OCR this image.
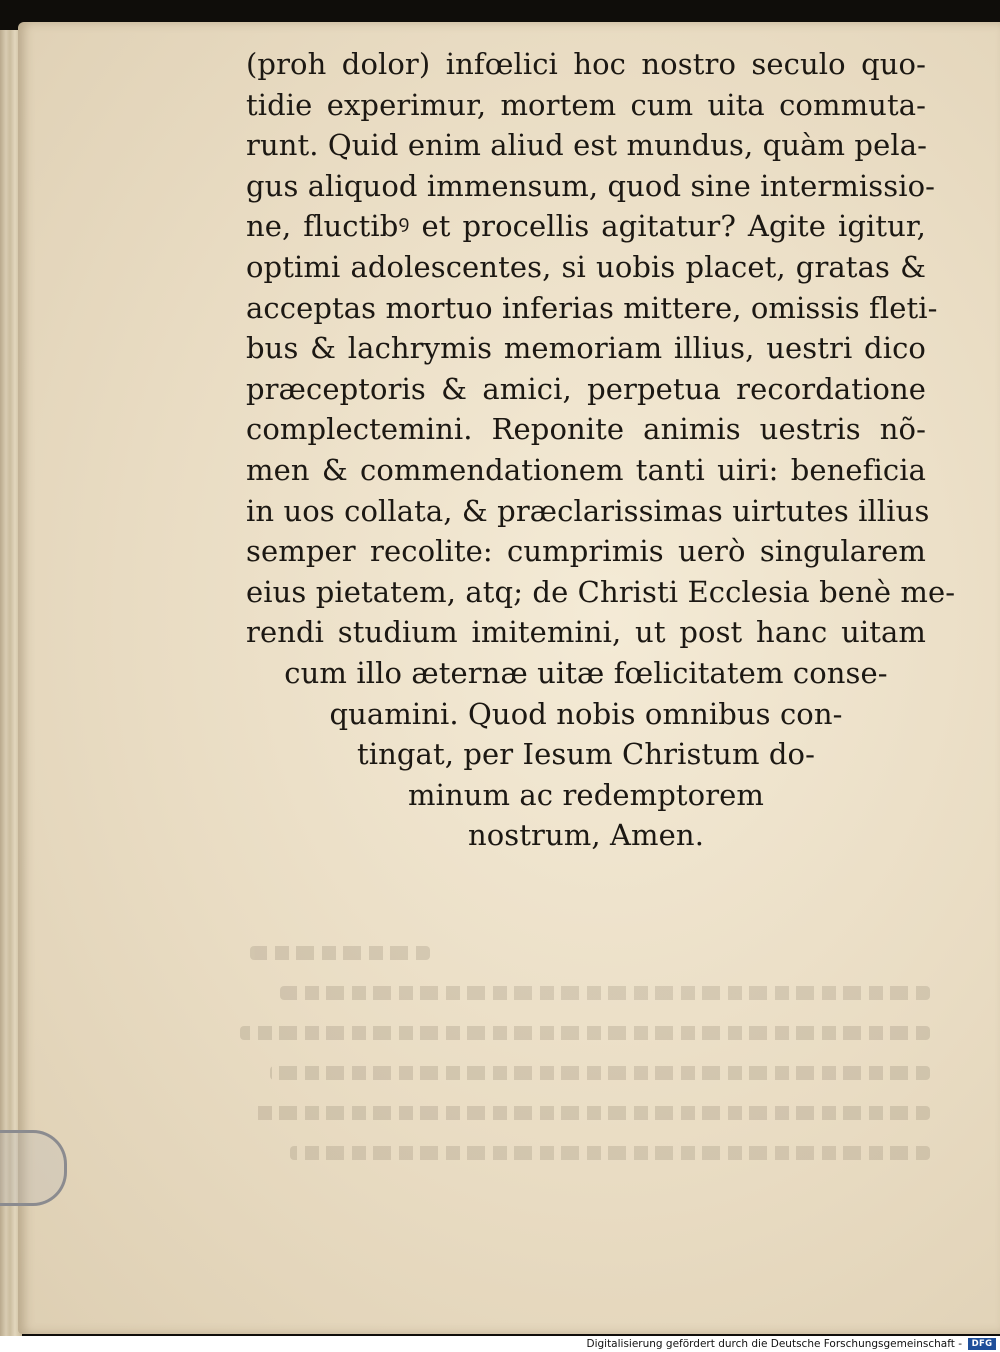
(proh dolor) infœlici hoc nostro seculo quo-
tidie experimur, mortem cum uita commuta-
runt. Quid enim aliud est mundus, quàm pela-
gus aliquod immensum, quod sine intermissio-
ne, fluctibꝰ et procellis agitatur? Agite igitur,
optimi adolescentes, si uobis placet, gratas &
acceptas mortuo inferias mittere, omissis fleti-
bus & lachrymis memoriam illius, uestri dico
præceptoris & amici, perpetua recordatione
complectemini. Reponite animis uestris nõ-
men & commendationem tanti uiri: beneficia
in uos collata, & præclarissimas uirtutes illius
semper recolite: cumprimis uerò singularem
eius pietatem, atq; de Christi Ecclesia benè me-
rendi studium imitemini, ut post hanc uitam
cum illo æternæ uitæ fœlicitatem conse-
quamini. Quod nobis omnibus con-
tingat, per Iesum Christum do-
minum ac redemptorem
nostrum, Amen.
Digitalisierung gefördert durch die Deutsche Forschungsgemeinschaft -	DFG
